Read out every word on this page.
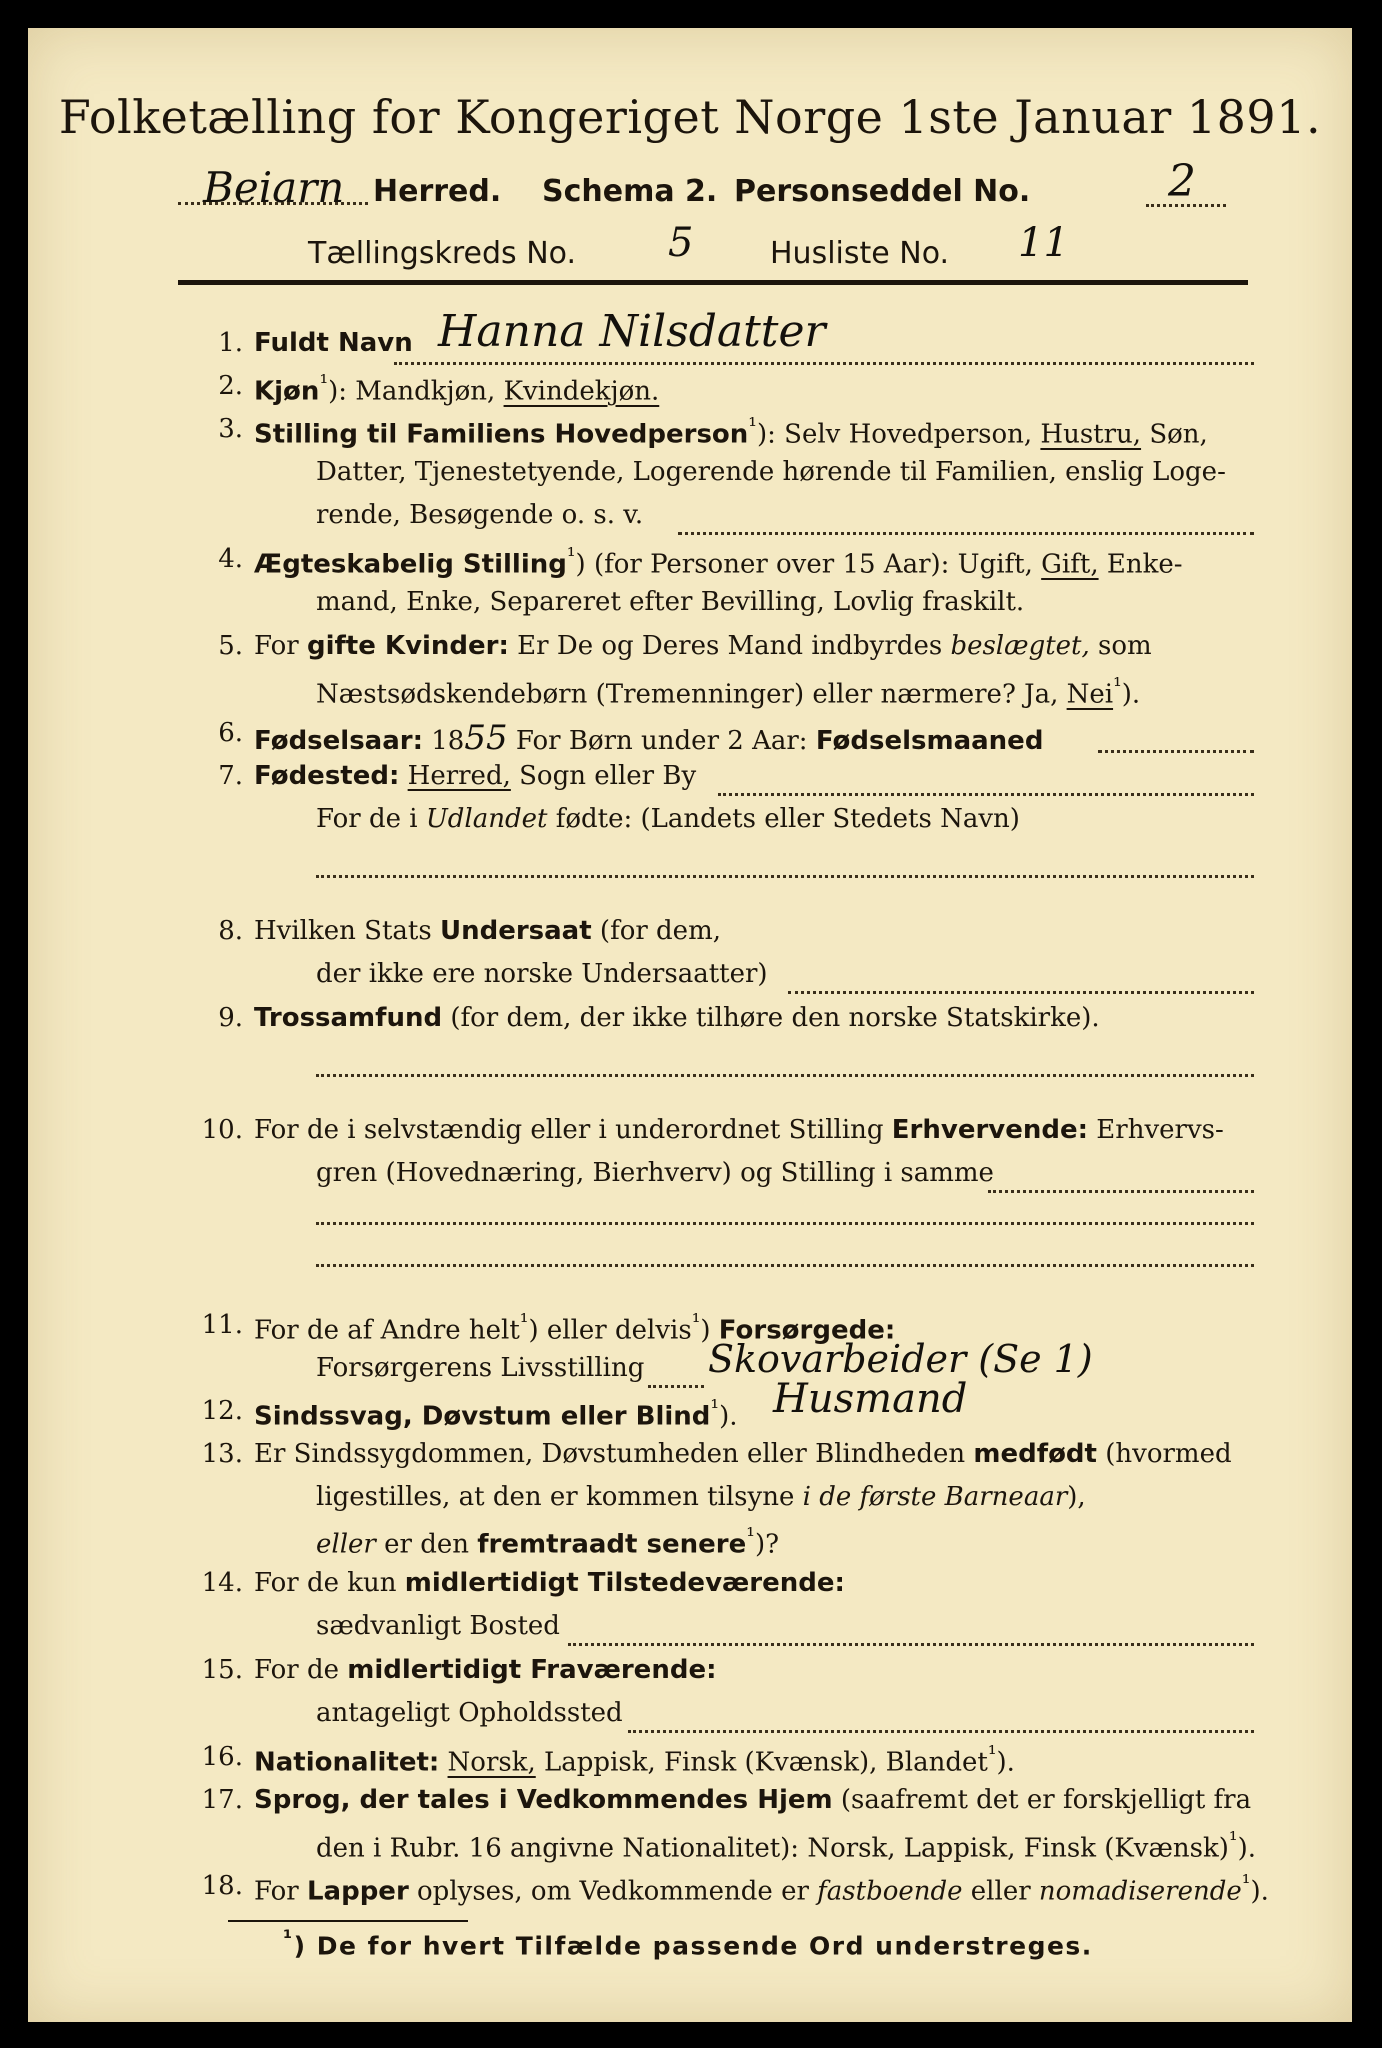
Folketælling for Kongeriget Norge 1ste Januar 1891.
Beiarn Herred. Schema 2. Personseddel No.	2
Tællingskreds No. 5	Husliste No. 11
1. Fuldt Navn Hanna Nilsdatter
2. Kjøn$^{^1}$): Mandkjøn, Kvindekjøn.
3. Stilling til Familiens Hovedperson$^{^1}$): Selv Hovedperson, Hustru, Søn,
Datter, Tjenestetyende, Logerende hørende til Familien, enslig Loge-
rende, Besøgende o. s. v.
4. Ægteskabelig Stilling$^{^1}$) (for Personer over 15 Aar): Ugift, Gift, Enke-
mand, Enke, Separeret efter Bevilling, Lovlig fraskilt.
5. For gifte Kvinder: Er De og Deres Mand indbyrdes beslægtet, som
Næstsødskendebørn (Tremenninger) eller nærmere? Ja, Nei$^{^1}$).
6. Fødselsaar: 1855 For Børn under 2 Aar: Fødselsmaaned
7. Fødested: Herred, Sogn eller By
For de i Udlandet fødte: (Landets eller Stedets Navn)
8. Hvilken Stats Undersaat (for dem,
der ikke ere norske Undersaatter)
9. Trossamfund (for dem, der ikke tilhøre den norske Statskirke).
10. For de i selvstændig eller i underordnet Stilling Erhvervende: Erhvervs-
gren (Hovednæring, Bierhverv) og Stilling i samme
11. For de af Andre helt$^{^1}$) eller delvis$^{^1}$) Forsørgede:
Forsørgerens Livsstilling Skovarbeider (Se 1)
12. Sindssvag, Døvstum eller Blind$^{^1}$). Husmand
13. Er Sindssygdommen, Døvstumheden eller Blindheden medfødt (hvormed
ligestilles, at den er kommen tilsyne i de første Barneaar),
eller er den fremtraadt senere$^{^1}$)?
14. For de kun midlertidigt Tilstedeværende:
sædvanligt Bosted
15. For de midlertidigt Fraværende:
antageligt Opholdssted
16. Nationalitet: Norsk, Lappisk, Finsk (Kvænsk), Blandet$^{^1}$).
17. Sprog, der tales i Vedkommendes Hjem (saafremt det er forskjelligt fra
den i Rubr. 16 angivne Nationalitet): Norsk, Lappisk, Finsk (Kvænsk)$^{^1}$).
18. For Lapper oplyses, om Vedkommende er fastboende eller nomadiserende$^{^1}$).
$^{^1}$) De for hvert Tilfælde passende Ord understreges.
